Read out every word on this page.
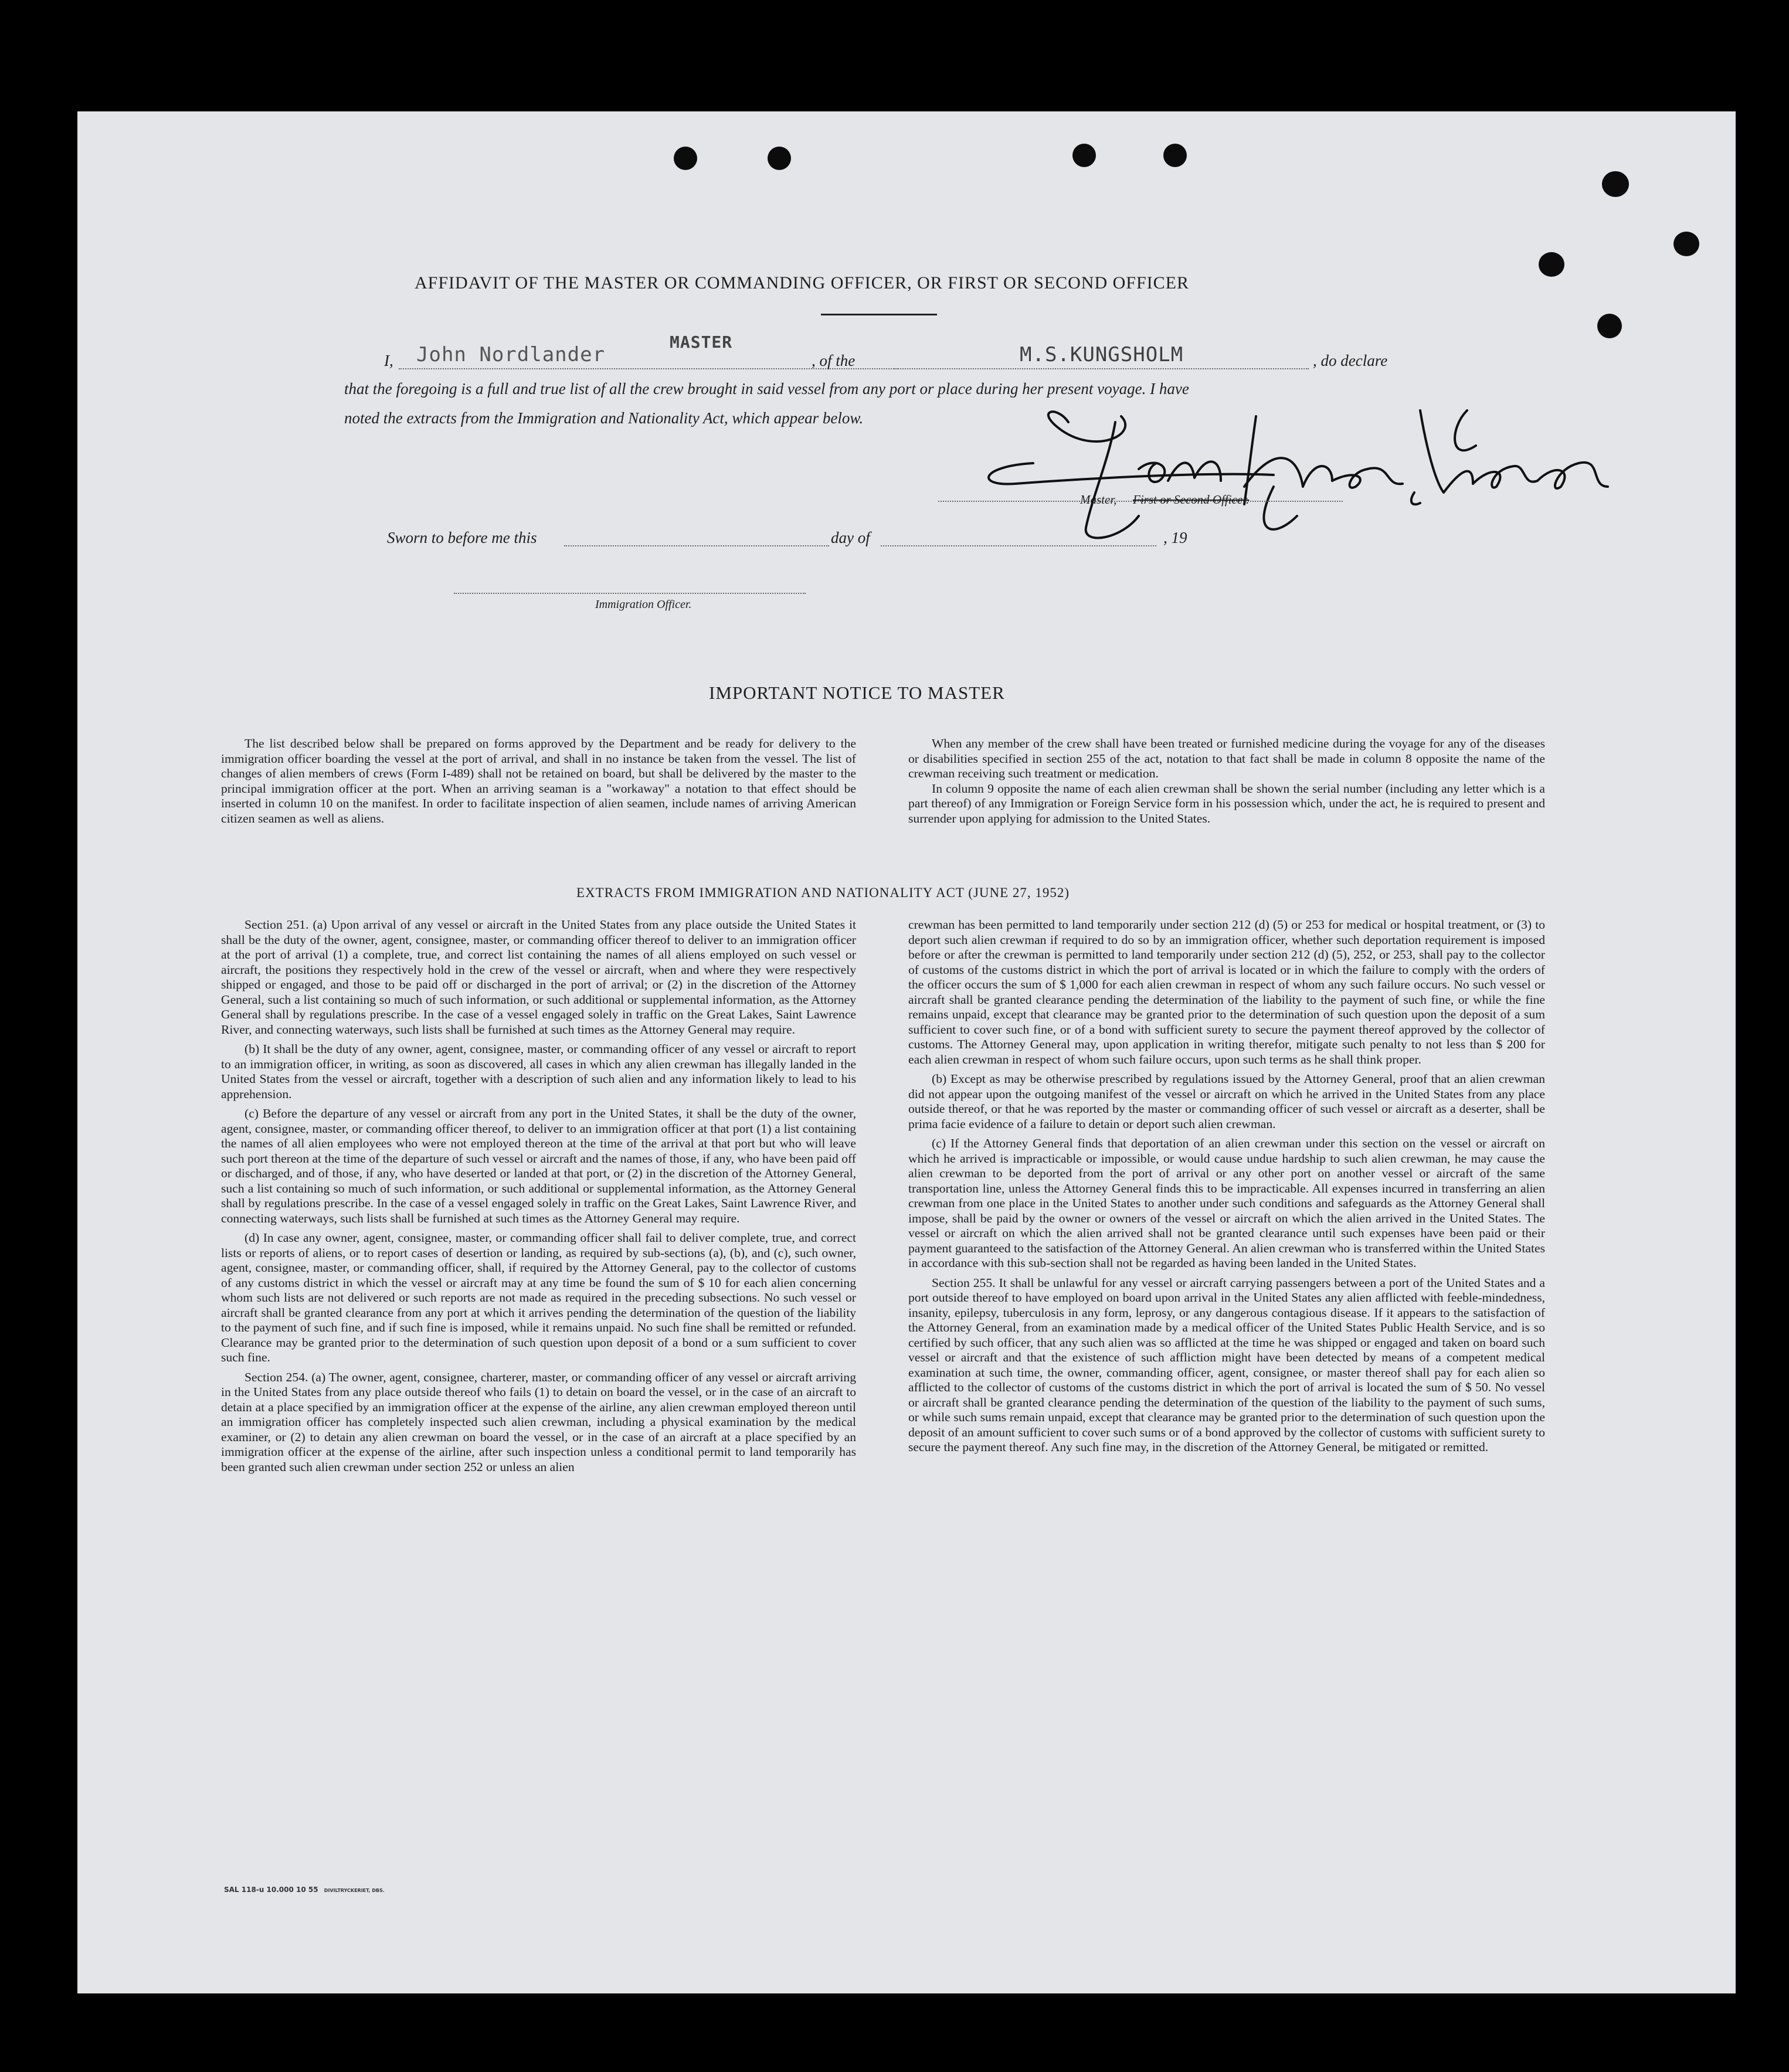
AFFIDAVIT OF THE MASTER OR COMMANDING OFFICER, OR FIRST OR SECOND OFFICER
I, John Nordlander
MASTER
, of the	M.S.KUNGSHOLM	, do declare
that the foregoing is a full and true list of all the crew brought in said vessel from any port or place during her present voyage. I have
noted the extracts from the Immigration and Nationality Act, which appear below.
Master, First or Second Officer.
Sworn to before me this	day of	, 19
Immigration Officer.
IMPORTANT NOTICE TO MASTER

The list described below shall be prepared on forms approved by the Department and be ready for delivery to the immigration officer boarding the vessel at the port of arrival, and shall in no instance be taken from the vessel. The list of changes of alien members of crews (Form I-489) shall not be retained on board, but shall be delivered by the master to the principal immigration officer at the port. When an arriving seaman is a "workaway" a notation to that effect should be inserted in column 10 on the manifest. In order to facilitate inspection of alien seamen, include names of arriving American citizen seamen as well as aliens.

When any member of the crew shall have been treated or furnished medicine during the voyage for any of the diseases or disabilities specified in section 255 of the act, notation to that fact shall be made in column 8 opposite the name of the crewman receiving such treatment or medication.

In column 9 opposite the name of each alien crewman shall be shown the serial number (including any letter which is a part thereof) of any Immigration or Foreign Service form in his possession which, under the act, he is required to present and surrender upon applying for admission to the United States.

EXTRACTS FROM IMMIGRATION AND NATIONALITY ACT (JUNE 27, 1952)

Section 251. (a) Upon arrival of any vessel or aircraft in the United States from any place outside the United States it shall be the duty of the owner, agent, consignee, master, or commanding officer thereof to deliver to an immigration officer at the port of arrival (1) a complete, true, and correct list containing the names of all aliens employed on such vessel or aircraft, the positions they respectively hold in the crew of the vessel or aircraft, when and where they were respectively shipped or engaged, and those to be paid off or discharged in the port of arrival; or (2) in the discretion of the Attorney General, such a list containing so much of such information, or such additional or supplemental information, as the Attorney General shall by regulations prescribe. In the case of a vessel engaged solely in traffic on the Great Lakes, Saint Lawrence River, and connecting waterways, such lists shall be furnished at such times as the Attorney General may require.

(b) It shall be the duty of any owner, agent, consignee, master, or commanding officer of any vessel or aircraft to report to an immigration officer, in writing, as soon as discovered, all cases in which any alien crewman has illegally landed in the United States from the vessel or aircraft, together with a description of such alien and any information likely to lead to his apprehension.

(c) Before the departure of any vessel or aircraft from any port in the United States, it shall be the duty of the owner, agent, consignee, master, or commanding officer thereof, to deliver to an immigration officer at that port (1) a list containing the names of all alien employees who were not employed thereon at the time of the arrival at that port but who will leave such port thereon at the time of the departure of such vessel or aircraft and the names of those, if any, who have been paid off or discharged, and of those, if any, who have deserted or landed at that port, or (2) in the discretion of the Attorney General, such a list containing so much of such information, or such additional or supplemental information, as the Attorney General shall by regulations prescribe. In the case of a vessel engaged solely in traffic on the Great Lakes, Saint Lawrence River, and connecting waterways, such lists shall be furnished at such times as the Attorney General may require.

(d) In case any owner, agent, consignee, master, or commanding officer shall fail to deliver complete, true, and correct lists or reports of aliens, or to report cases of desertion or landing, as required by sub-sections (a), (b), and (c), such owner, agent, consignee, master, or commanding officer, shall, if required by the Attorney General, pay to the collector of customs of any customs district in which the vessel or aircraft may at any time be found the sum of $ 10 for each alien concerning whom such lists are not delivered or such reports are not made as required in the preceding subsections. No such vessel or aircraft shall be granted clearance from any port at which it arrives pending the determination of the question of the liability to the payment of such fine, and if such fine is imposed, while it remains unpaid. No such fine shall be remitted or refunded. Clearance may be granted prior to the determination of such question upon deposit of a bond or a sum sufficient to cover such fine.

Section 254. (a) The owner, agent, consignee, charterer, master, or commanding officer of any vessel or aircraft arriving in the United States from any place outside thereof who fails (1) to detain on board the vessel, or in the case of an aircraft to detain at a place specified by an immigration officer at the expense of the airline, any alien crewman employed thereon until an immigration officer has completely inspected such alien crewman, including a physical examination by the medical examiner, or (2) to detain any alien crewman on board the vessel, or in the case of an aircraft at a place specified by an immigration officer at the expense of the airline, after such inspection unless a conditional permit to land temporarily has been granted such alien crewman under section 252 or unless an alien

crewman has been permitted to land temporarily under section 212 (d) (5) or 253 for medical or hospital treatment, or (3) to deport such alien crewman if required to do so by an immigration officer, whether such deportation requirement is imposed before or after the crewman is permitted to land temporarily under section 212 (d) (5), 252, or 253, shall pay to the collector of customs of the customs district in which the port of arrival is located or in which the failure to comply with the orders of the officer occurs the sum of $ 1,000 for each alien crewman in respect of whom any such failure occurs. No such vessel or aircraft shall be granted clearance pending the determination of the liability to the payment of such fine, or while the fine remains unpaid, except that clearance may be granted prior to the determination of such question upon the deposit of a sum sufficient to cover such fine, or of a bond with sufficient surety to secure the payment thereof approved by the collector of customs. The Attorney General may, upon application in writing therefor, mitigate such penalty to not less than $ 200 for each alien crewman in respect of whom such failure occurs, upon such terms as he shall think proper.

(b) Except as may be otherwise prescribed by regulations issued by the Attorney General, proof that an alien crewman did not appear upon the outgoing manifest of the vessel or aircraft on which he arrived in the United States from any place outside thereof, or that he was reported by the master or commanding officer of such vessel or aircraft as a deserter, shall be prima facie evidence of a failure to detain or deport such alien crewman.

(c) If the Attorney General finds that deportation of an alien crewman under this section on the vessel or aircraft on which he arrived is impracticable or impossible, or would cause undue hardship to such alien crewman, he may cause the alien crewman to be deported from the port of arrival or any other port on another vessel or aircraft of the same transportation line, unless the Attorney General finds this to be impracticable. All expenses incurred in transferring an alien crewman from one place in the United States to another under such conditions and safeguards as the Attorney General shall impose, shall be paid by the owner or owners of the vessel or aircraft on which the alien arrived in the United States. The vessel or aircraft on which the alien arrived shall not be granted clearance until such expenses have been paid or their payment guaranteed to the satisfaction of the Attorney General. An alien crewman who is transferred within the United States in accordance with this sub-section shall not be regarded as having been landed in the United States.

Section 255. It shall be unlawful for any vessel or aircraft carrying passengers between a port of the United States and a port outside thereof to have employed on board upon arrival in the United States any alien afflicted with feeble-mindedness, insanity, epilepsy, tuberculosis in any form, leprosy, or any dangerous contagious disease. If it appears to the satisfaction of the Attorney General, from an examination made by a medical officer of the United States Public Health Service, and is so certified by such officer, that any such alien was so afflicted at the time he was shipped or engaged and taken on board such vessel or aircraft and that the existence of such affliction might have been detected by means of a competent medical examination at such time, the owner, commanding officer, agent, consignee, or master thereof shall pay for each alien so afflicted to the collector of customs of the customs district in which the port of arrival is located the sum of $ 50. No vessel or aircraft shall be granted clearance pending the determination of the question of the liability to the payment of such sums, or while such sums remain unpaid, except that clearance may be granted prior to the determination of such question upon the deposit of an amount sufficient to cover such sums or of a bond approved by the collector of customs with sufficient surety to secure the payment thereof. Any such fine may, in the discretion of the Attorney General, be mitigated or remitted.

SAL 118-u 10.000 10 55 DIVILTRYCKERIET, DBS.
